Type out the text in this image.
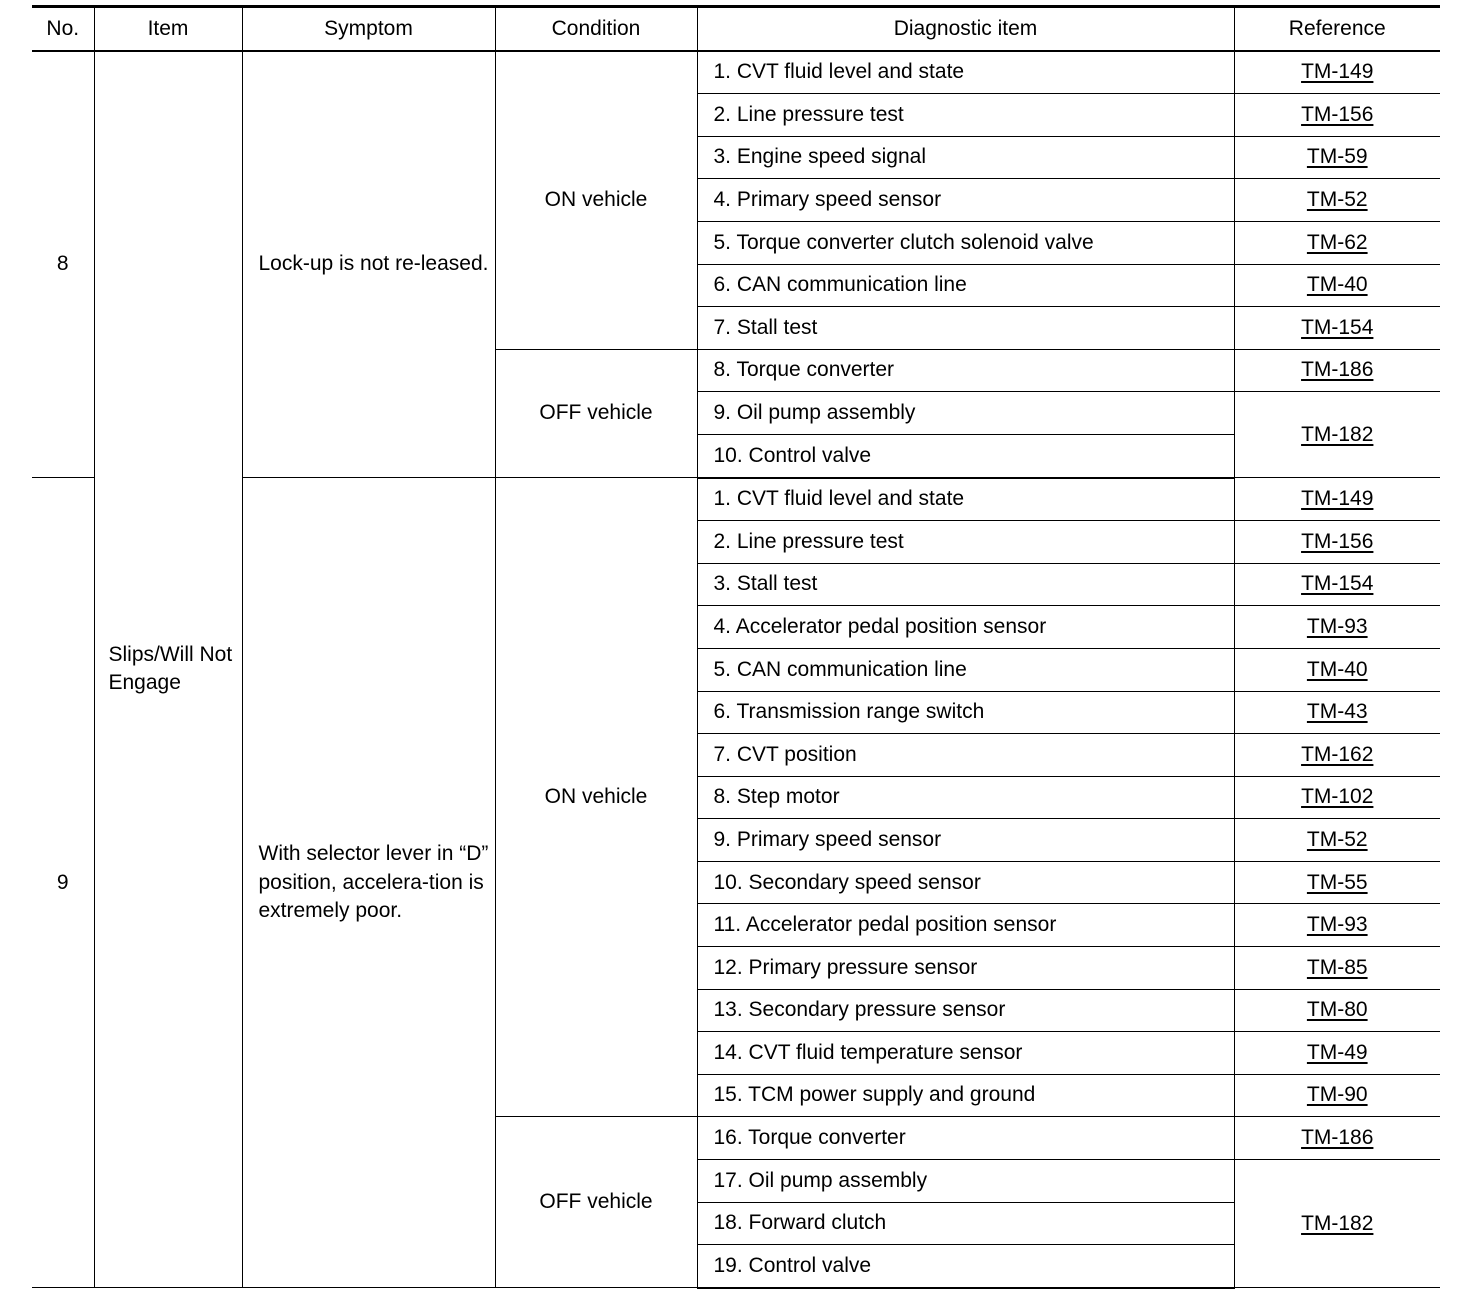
No.	Item	Symptom	Condition	Diagnostic item	Reference
8	Slips/Will Not Engage	Lock-up is not re-leased.	ON vehicle	1. CVT fluid level and state	TM-149
				2. Line pressure test	TM-156
				3. Engine speed signal	TM-59
				4. Primary speed sensor	TM-52
				5. Torque converter clutch solenoid valve	TM-62
				6. CAN communication line	TM-40
				7. Stall test	TM-154
			OFF vehicle	8. Torque converter	TM-186
				9. Oil pump assembly	TM-182
				10. Control valve	
9		With selector lever in “D” position, accelera-tion is extremely poor.	ON vehicle	1. CVT fluid level and state	TM-149
				2. Line pressure test	TM-156
				3. Stall test	TM-154
				4. Accelerator pedal position sensor	TM-93
				5. CAN communication line	TM-40
				6. Transmission range switch	TM-43
				7. CVT position	TM-162
				8. Step motor	TM-102
				9. Primary speed sensor	TM-52
				10. Secondary speed sensor	TM-55
				11. Accelerator pedal position sensor	TM-93
				12. Primary pressure sensor	TM-85
				13. Secondary pressure sensor	TM-80
				14. CVT fluid temperature sensor	TM-49
				15. TCM power supply and ground	TM-90
			OFF vehicle	16. Torque converter	TM-186
				17. Oil pump assembly	TM-182
				18. Forward clutch	
				19. Control valve	
